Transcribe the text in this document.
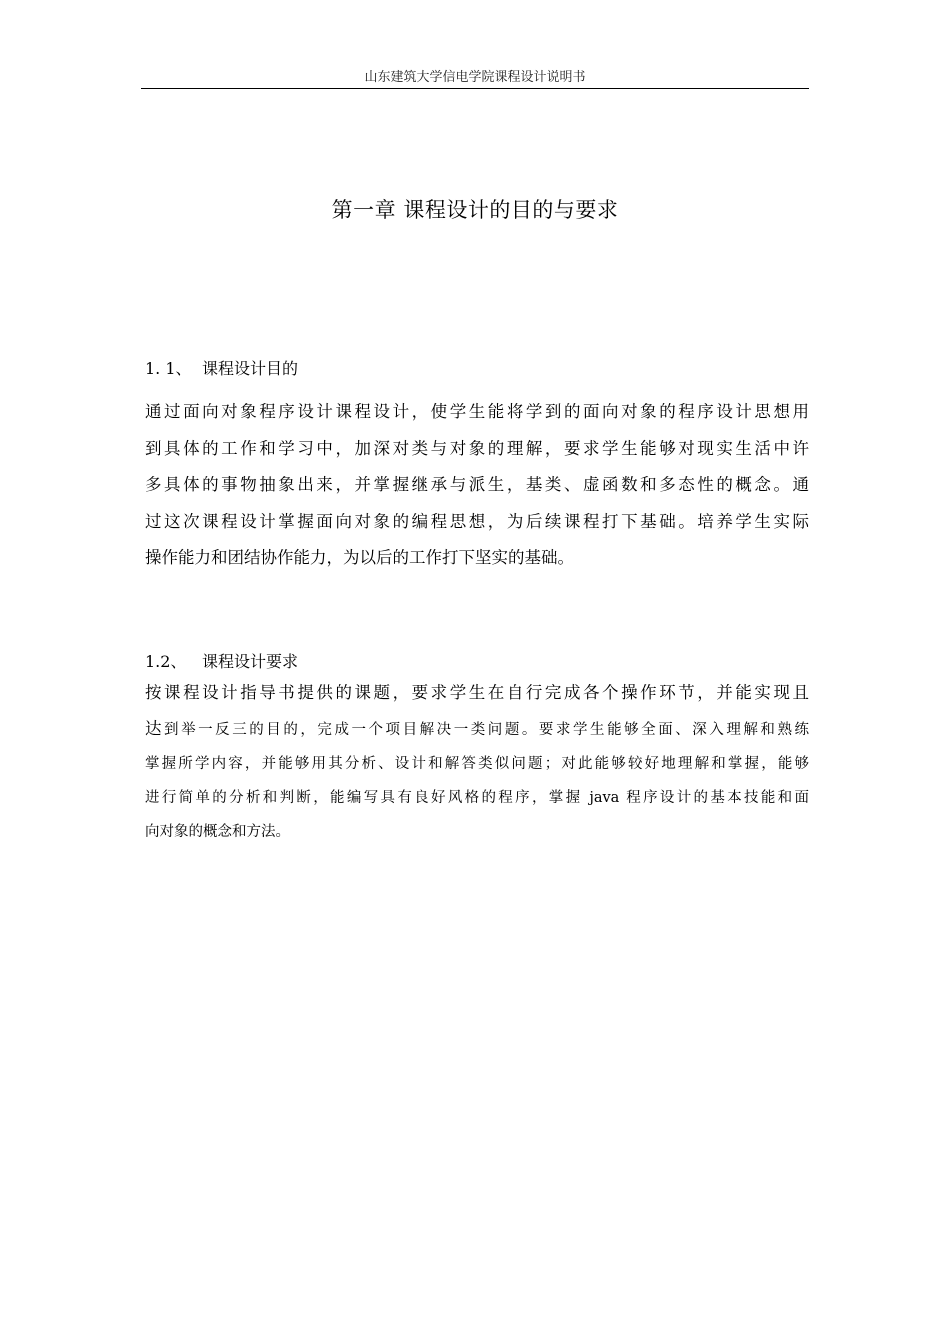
山东建筑大学信电学院课程设计说明书
第一章 课程设计的目的与要求
1. 1、 课程设计目的
通过面向对象程序设计课程设计，使学生能将学到的面向对象的程序设计思想用
到具体的工作和学习中，加深对类与对象的理解，要求学生能够对现实生活中许
多具体的事物抽象出来，并掌握继承与派生，基类、虚函数和多态性的概念。通
过这次课程设计掌握面向对象的编程思想，为后续课程打下基础。培养学生实际
操作能力和团结协作能力，为以后的工作打下坚实的基础。
1.2、 课程设计要求
按课程设计指导书提供的课题，要求学生在自行完成各个操作环节，并能实现且
达到举一反三的目的，完成一个项目解决一类问题。要求学生能够全面、深入理解和熟练
掌握所学内容，并能够用其分析、设计和解答类似问题；对此能够较好地理解和掌握，能够
进行简单的分析和判断，能编写具有良好风格的程序，掌握 java 程序设计的基本技能和面
向对象的概念和方法。
